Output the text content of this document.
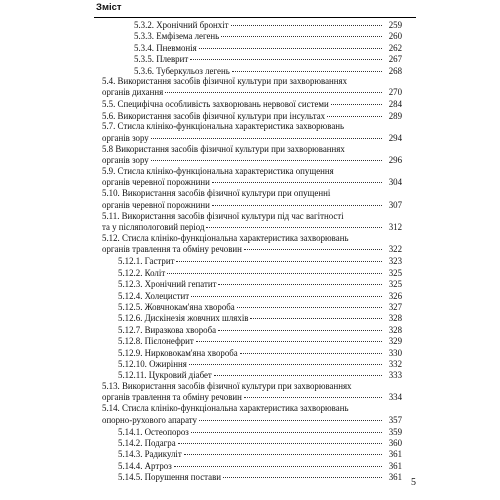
Зміст
5.3.2. Хронічний бронхіт	259
5.3.3. Емфізема легень	260
5.3.4. Пневмонія	262
5.3.5. Плеврит	267
5.3.6. Туберкульоз легень	268
5.4. Використання засобів фізичної культури при захворюваннях
органів дихання	270
5.5. Специфічна особливість захворювань нервової системи	284
5.6. Використання засобів фізичної культури при інсультах	289
5.7. Стисла клініко-функціональна характеристика захворювань
органів зору	294
5.8 Використання засобів фізичної культури при захворюваннях
органів зору	296
5.9. Стисла клініко-функціональна характеристика опущення
органів черевної порожнини	304
5.10. Використання засобів фізичної культури при опущенні
органів черевної порожнини	307
5.11. Використання засобів фізичної культури під час вагітності
та у післяпологовий період	312
5.12. Стисла клініко-функціональна характеристика захворювань
органів травлення та обміну речовин	322
5.12.1. Гастрит	323
5.12.2. Коліт	325
5.12.3. Хронічний гепатит	325
5.12.4. Холецистит	326
5.12.5. Жовчнокам'яна хвороба	327
5.12.6. Дискінезія жовчних шляхів	328
5.12.7. Виразкова хвороба	328
5.12.8. Пієлонефрит	329
5.12.9. Нирковокам'яна хвороба	330
5.12.10. Ожиріння	332
5.12.11. Цукровий діабет	333
5.13. Використання засобів фізичної культури при захворюваннях
органів травлення та обміну речовин	334
5.14. Стисла клініко-функціональна характеристика захворювань
опорно-рухового апарату	357
5.14.1. Остеопороз	359
5.14.2. Подагра	360
5.14.3. Радикуліт	361
5.14.4. Артроз	361
5.14.5. Порушення постави	361 5
